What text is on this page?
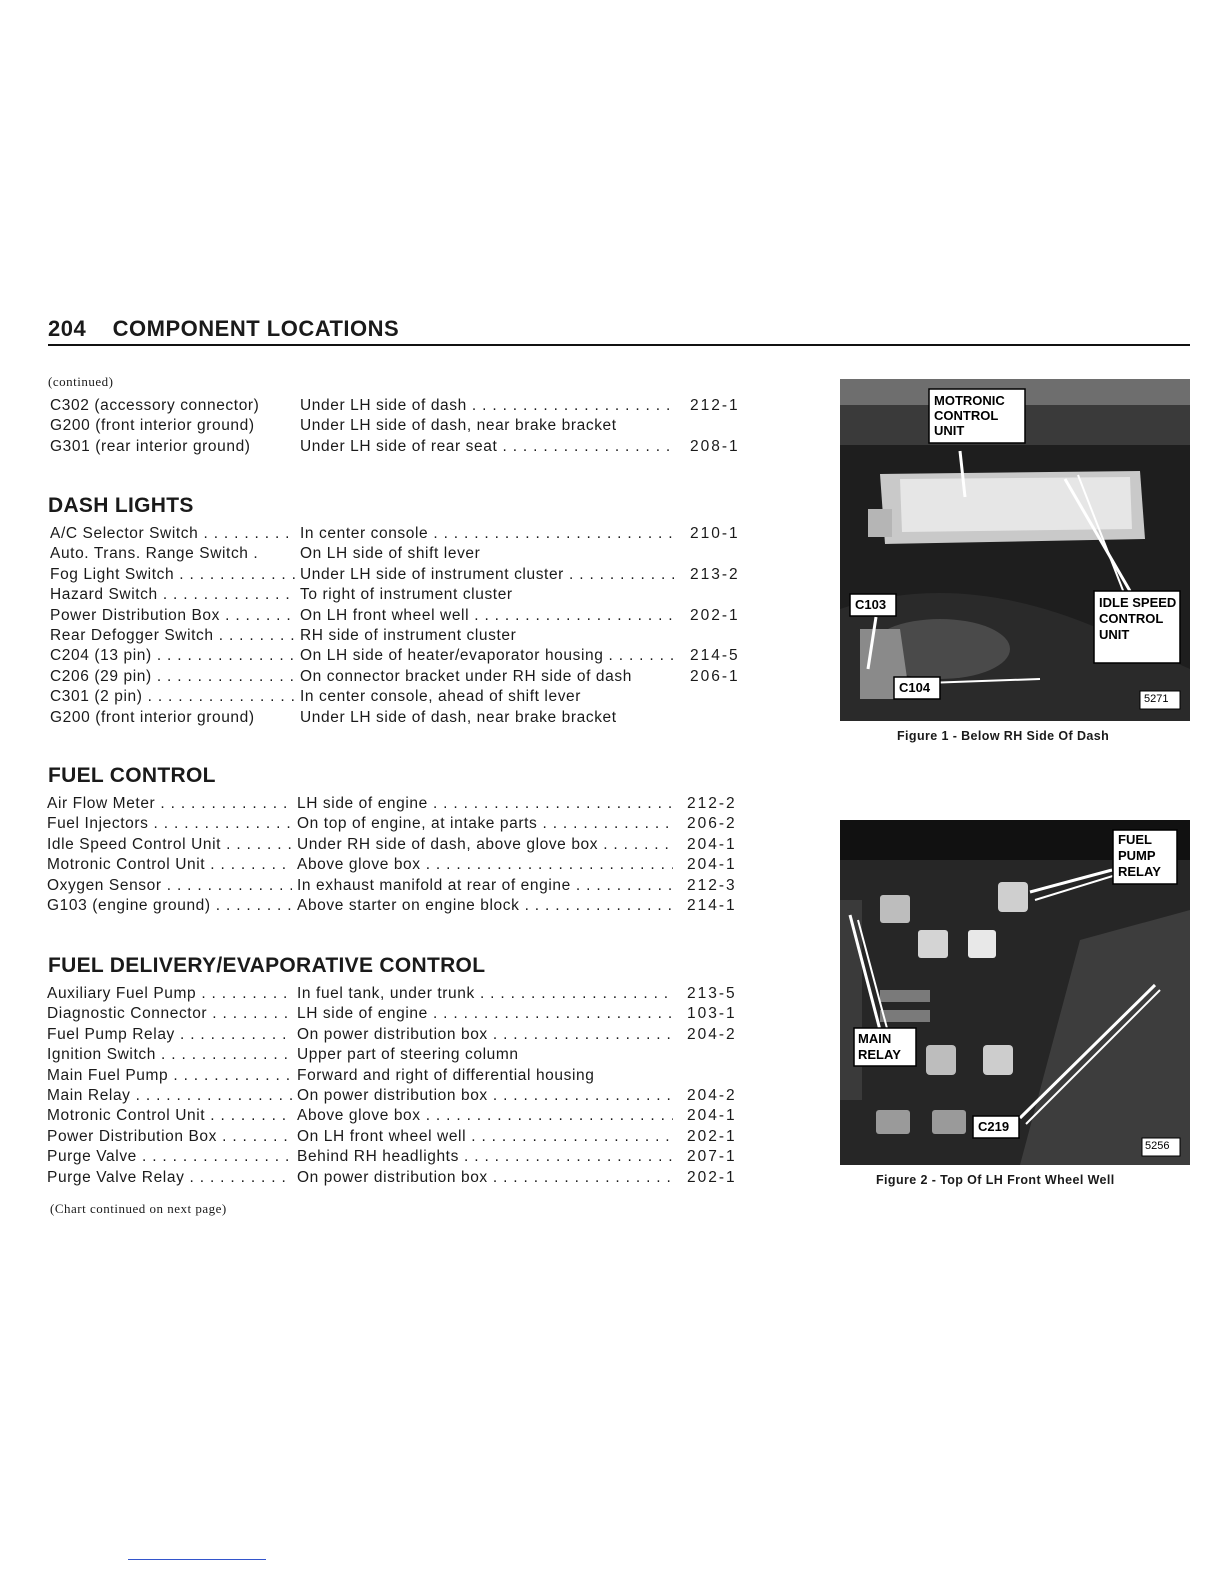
204 COMPONENT LOCATIONS
(continued)
C302 (accessory connector)	Under LH side of dash . . .	212-1
G200 (front interior ground)	Under LH side of dash, near brake bracket
G301 (rear interior ground)	Under LH side of rear seat . . .	208-1
DASH LIGHTS
A/C Selector Switch . . .	In center console . . .	210-1
Auto. Trans. Range Switch .	On LH side of shift lever
Fog Light Switch . . .	Under LH side of instrument cluster . . .	213-2
Hazard Switch . . .	To right of instrument cluster
Power Distribution Box . . .	On LH front wheel well . . .	202-1
Rear Defogger Switch . . .	RH side of instrument cluster
C204 (13 pin) . . .	On LH side of heater/evaporator housing . . .	214-5
C206 (29 pin) . . .	On connector bracket under RH side of dash	206-1
C301 (2 pin) . . .	In center console, ahead of shift lever
G200 (front interior ground)	Under LH side of dash, near brake bracket
FUEL CONTROL
Air Flow Meter . . .	LH side of engine . . .	212-2
Fuel Injectors . . .	On top of engine, at intake parts . . .	206-2
Idle Speed Control Unit . . .	Under RH side of dash, above glove box . . .	204-1
Motronic Control Unit . . .	Above glove box . . .	204-1
Oxygen Sensor . . .	In exhaust manifold at rear of engine . . .	212-3
G103 (engine ground) . . .	Above starter on engine block . . .	214-1
FUEL DELIVERY/EVAPORATIVE CONTROL
Auxiliary Fuel Pump . . .	In fuel tank, under trunk . . .	213-5
Diagnostic Connector . . .	LH side of engine . . .	103-1
Fuel Pump Relay . . .	On power distribution box . . .	204-2
Ignition Switch . . .	Upper part of steering column
Main Fuel Pump . . .	Forward and right of differential housing
Main Relay . . .	On power distribution box . . .	204-2
Motronic Control Unit . . .	Above glove box . . .	204-1
Power Distribution Box . . .	On LH front wheel well . . .	202-1
Purge Valve . . .	Behind RH headlights . . .	207-1
Purge Valve Relay . . .	On power distribution box . . .	202-1
(Chart continued on next page)
MOTRONIC CONTROL UNIT
IDLE SPEED CONTROL UNIT
C103
C104
5271
Figure 1 - Below RH Side Of Dash
FUEL PUMP RELAY
MAIN RELAY
C219
5256
Figure 2 - Top Of LH Front Wheel Well
